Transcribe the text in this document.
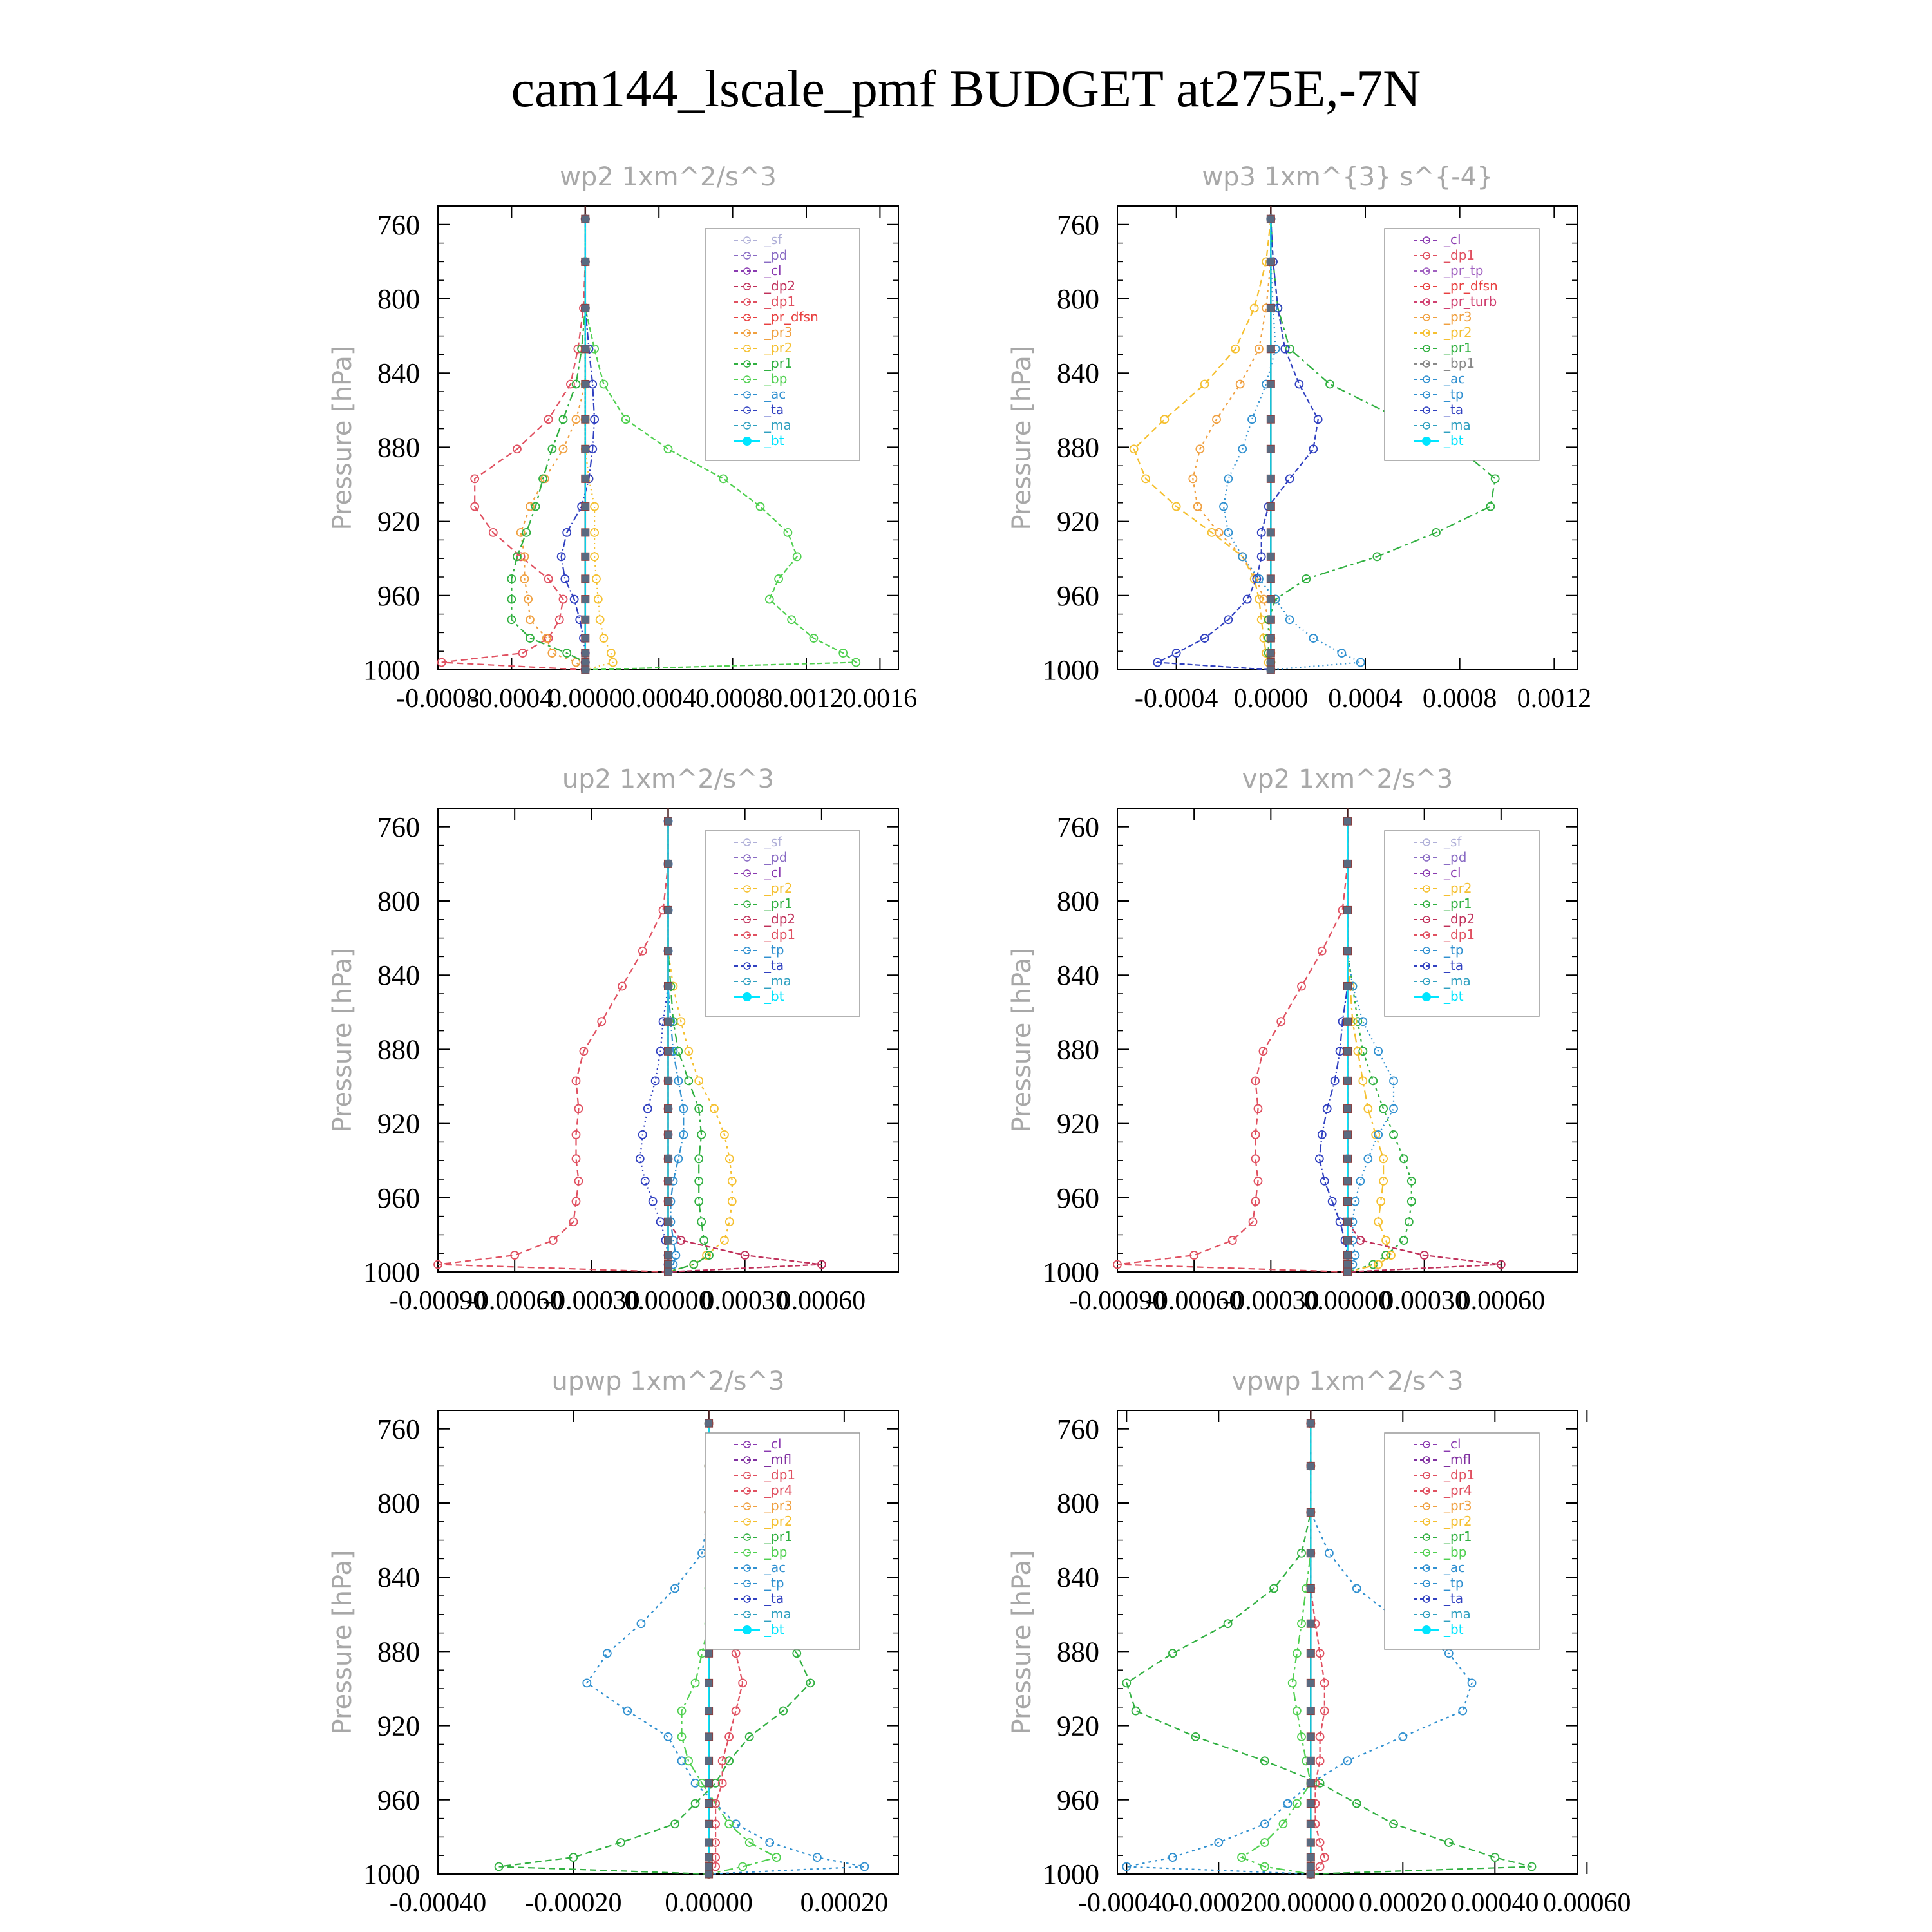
cam144_lscale_pmf BUDGET at275E,-7N
wp2 1xm^2/s^3
760
800
840
880
920
960
1000
Pressure [hPa]
-0.0008
-0.0004
0.0000
0.0004
0.0008
0.0012
0.0016
_sf
_pd
_cl
_dp2
_dp1
_pr_dfsn
_pr3
_pr2
_pr1
_bp
_ac
_ta
_ma
_bt
wp3 1xm^{3} s^{-4}
760
800
840
880
920
960
1000
Pressure [hPa]
-0.0004 0.0000 0.0004 0.0008 0.0012
_cl
_dp1
_pr_tp
_pr_dfsn
_pr_turb
_pr3
_pr2
_pr1
_bp1
_ac
_tp
_ta
_ma
_bt
up2 1xm^2/s^3
760
800
840
880
920
960
1000
Pressure [hPa]
-0.00090
-0.00060
-0.00030
0.00000
0.00030
0.00060
_sf
_pd
_cl
_pr2
_pr1
_dp2
_dp1
_tp
_ta
_ma
_bt
vp2 1xm^2/s^3
760
800
840
880
920
960
1000
Pressure [hPa]
-0.00090
-0.00060
-0.00030
0.00000
0.00030
0.00060
_sf
_pd
_cl
_pr2
_pr1
_dp2
_dp1
_tp
_ta
_ma
_bt
upwp 1xm^2/s^3
760
800
840
880
920
960
1000
Pressure [hPa]
-0.00040 -0.00020 0.00000 0.00020
_cl
_mfl
_dp1
_pr4
_pr3
_pr2
_pr1
_bp
_ac
_tp
_ta
_ma
_bt
vpwp 1xm^2/s^3
760
800
840
880
920
960
1000
Pressure [hPa]
-0.00040
-0.00020 0.00000 0.00020 0.00040 0.00060
_cl
_mfl
_dp1
_pr4
_pr3
_pr2
_pr1
_bp
_ac
_tp
_ta
_ma
_bt
